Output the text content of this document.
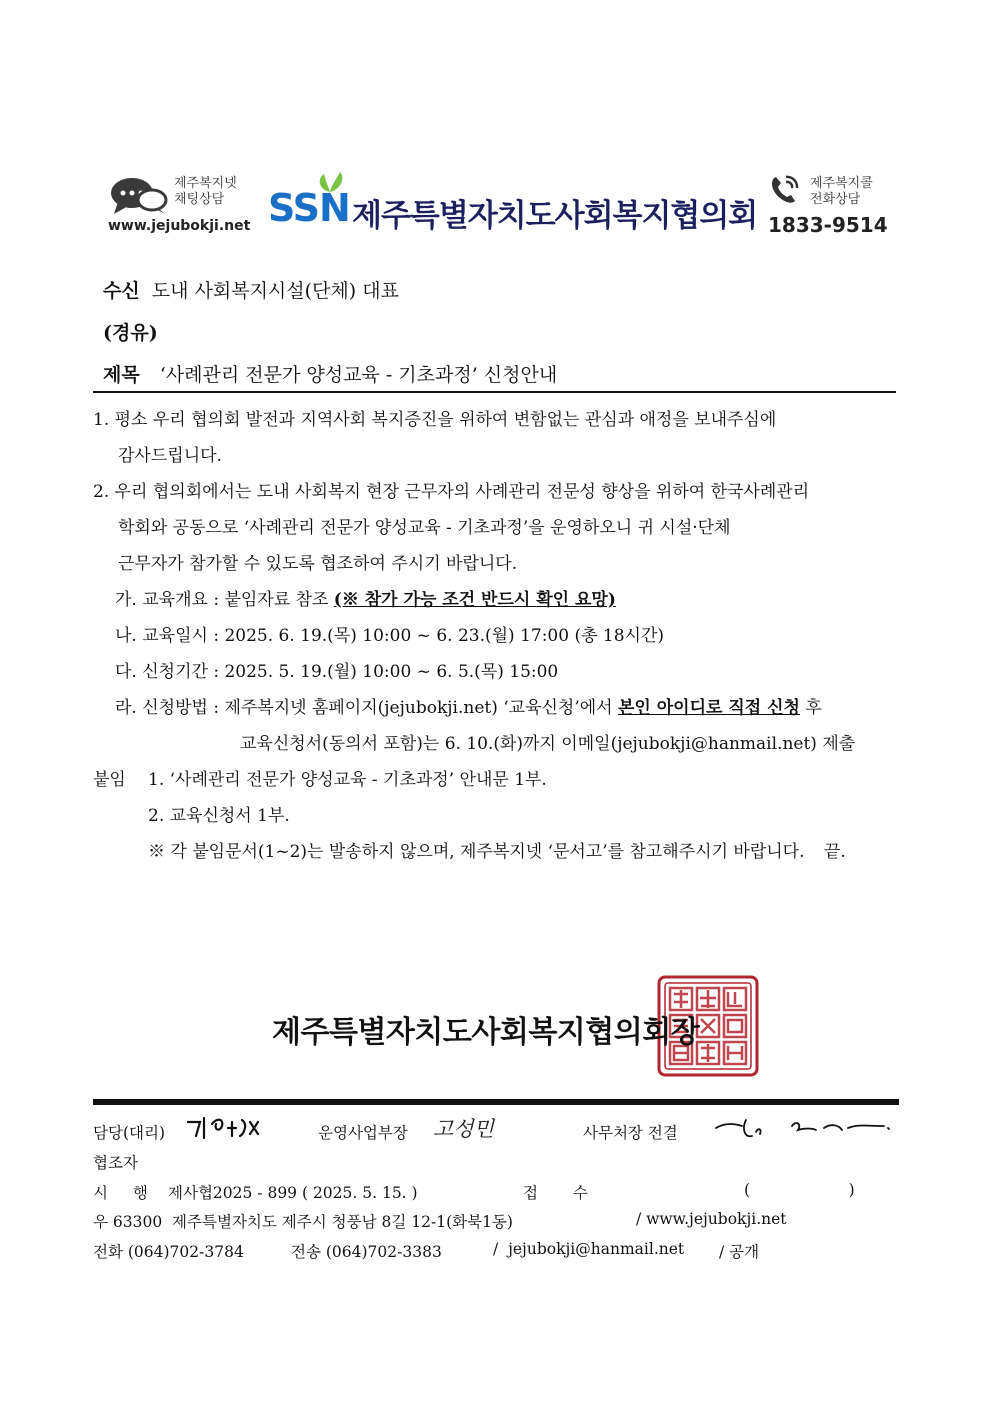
제주복지넷
채팅상담
www.jejubokji.net SSN 제주특별자치도사회복지협의회
제주복지콜
전화상담
1833-9514
수신 도내 사회복지시설(단체) 대표
(경유)
제목 ‘사례관리 전문가 양성교육 - 기초과정’ 신청안내
1. 평소 우리 협의회 발전과 지역사회 복지증진을 위하여 변함없는 관심과 애정을 보내주심에
감사드립니다.
2. 우리 협의회에서는 도내 사회복지 현장 근무자의 사례관리 전문성 향상을 위하여 한국사례관리
학회와 공동으로 ‘사례관리 전문가 양성교육 - 기초과정’을 운영하오니 귀 시설·단체
근무자가 참가할 수 있도록 협조하여 주시기 바랍니다.
가. 교육개요 : 붙임자료 참조 (※ 참가 가능 조건 반드시 확인 요망)
나. 교육일시 : 2025. 6. 19.(목) 10:00 ~ 6. 23.(월) 17:00 (총 18시간)
다. 신청기간 : 2025. 5. 19.(월) 10:00 ~ 6. 5.(목) 15:00
라. 신청방법 : 제주복지넷 홈페이지(jejubokji.net) ‘교육신청’에서 본인 아이디로 직접 신청 후
교육신청서(동의서 포함)는 6. 10.(화)까지 이메일(jejubokji@hanmail.net) 제출
붙임 1. ‘사례관리 전문가 양성교육 - 기초과정’ 안내문 1부.
2. 교육신청서 1부.
※ 각 붙임문서(1~2)는 발송하지 않으며, 제주복지넷 ‘문서고’를 참고해주시기 바랍니다. 끝.
제주특별자치도사회복지협의회장
담당(대리)	운영사업부장 고성민	사무처장 전결
협조자
시 행 제사협2025 - 899 ( 2025. 5. 15. )	접 수	(                    )
우 63300  제주특별자치도 제주시 청풍남 8길 12-1(화북1동)	/ www.jejubokji.net
전화 (064)702-3784	전송 (064)702-3383	/  jejubokji@hanmail.net / 공개
